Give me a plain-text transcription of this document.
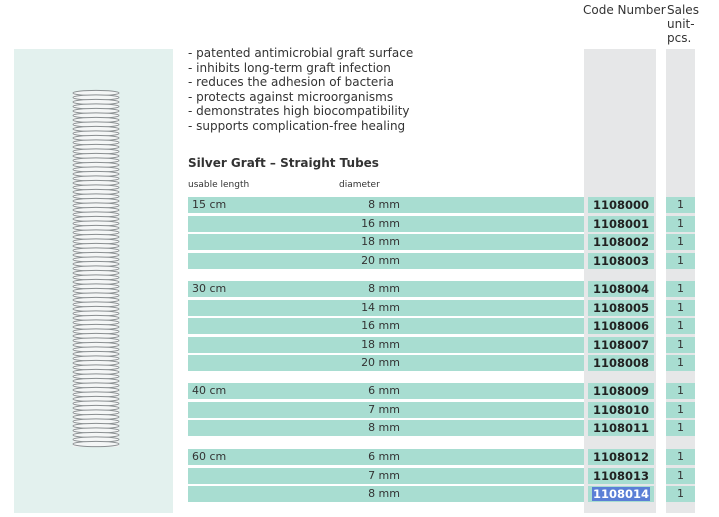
Code Number Sales
unit-
pcs.
- patented antimicrobial graft surface
- inhibits long-term graft infection
- reduces the adhesion of bacteria
- protects against microorganisms
- demonstrates high biocompatibility
- supports complication-free healing
Silver Graft – Straight Tubes
usable length	diameter
15 cm	8 mm	1108000	1
16 mm	1108001	1
18 mm	1108002	1
20 mm	1108003	1
30 cm	8 mm	1108004	1
14 mm	1108005	1
16 mm	1108006	1
18 mm	1108007	1
20 mm	1108008	1
40 cm	6 mm	1108009	1
7 mm	1108010	1
8 mm	1108011	1
60 cm	6 mm	1108012	1
7 mm	1108013	1
8 mm	1108014	1
